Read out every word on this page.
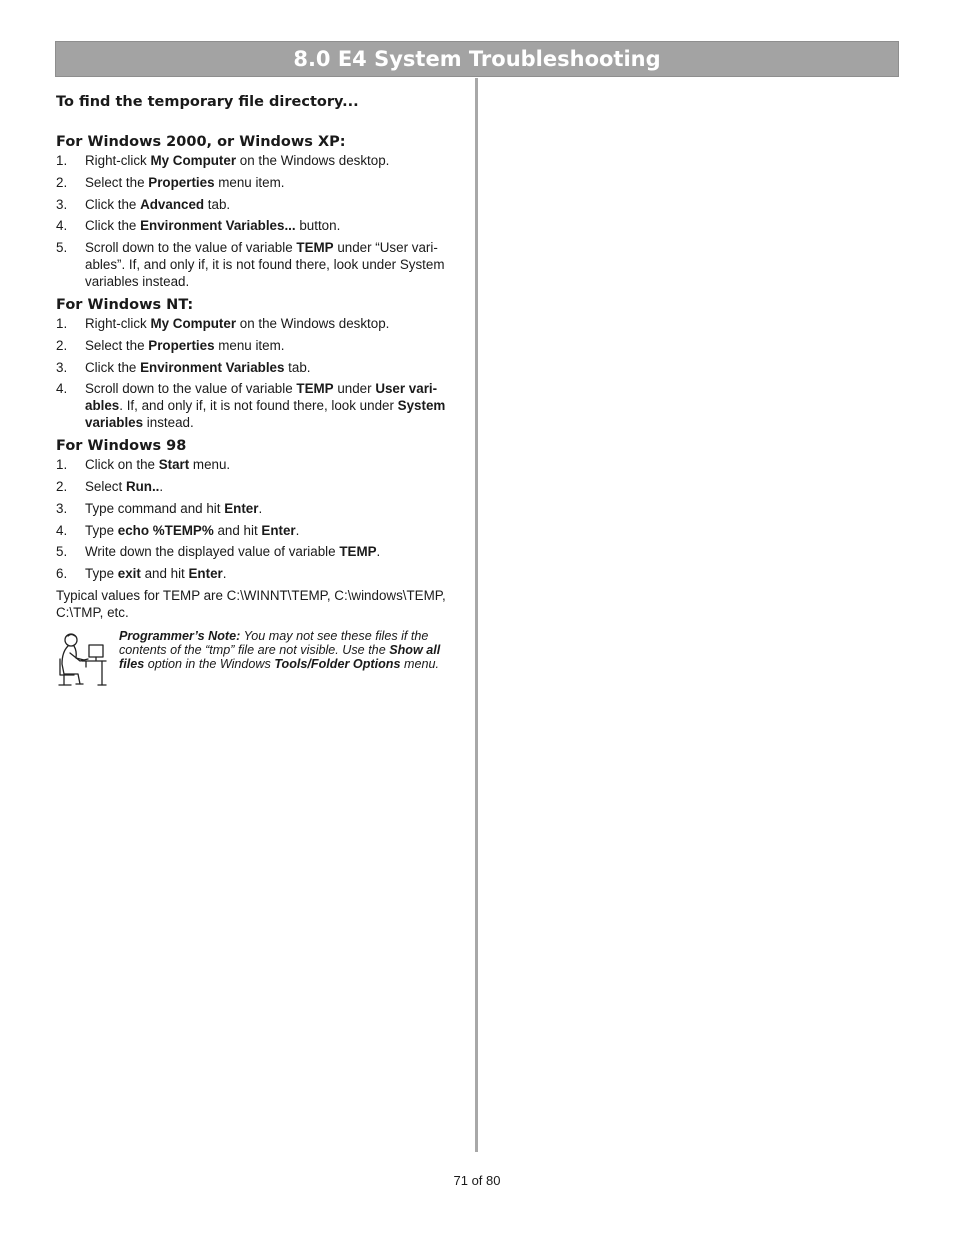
8.0 E4 System Troubleshooting
To find the temporary file directory...
For Windows 2000, or Windows XP:
1. Right-click My Computer on the Windows desktop.
2. Select the Properties menu item.
3. Click the Advanced tab.
4. Click the Environment Variables... button.
5. Scroll down to the value of variable TEMP under “User vari-ables”. If, and only if, it is not found there, look under System variables instead.
For Windows NT:
1. Right-click My Computer on the Windows desktop.
2. Select the Properties menu item.
3. Click the Environment Variables tab.
4. Scroll down to the value of variable TEMP under User vari-ables. If, and only if, it is not found there, look under System variables instead.
For Windows 98
1. Click on the Start menu.
2. Select Run...
3. Type command and hit Enter.
4. Type echo %TEMP% and hit Enter.
5. Write down the displayed value of variable TEMP.
6. Type exit and hit Enter.

Typical values for TEMP are C:\WINNT\TEMP, C:\windows\TEMP, C:\TMP, etc.

Programmer’s Note: You may not see these files if the contents of the “tmp” file are not visible. Use the Show all files option in the Windows Tools/Folder Options menu.
71 of 80
